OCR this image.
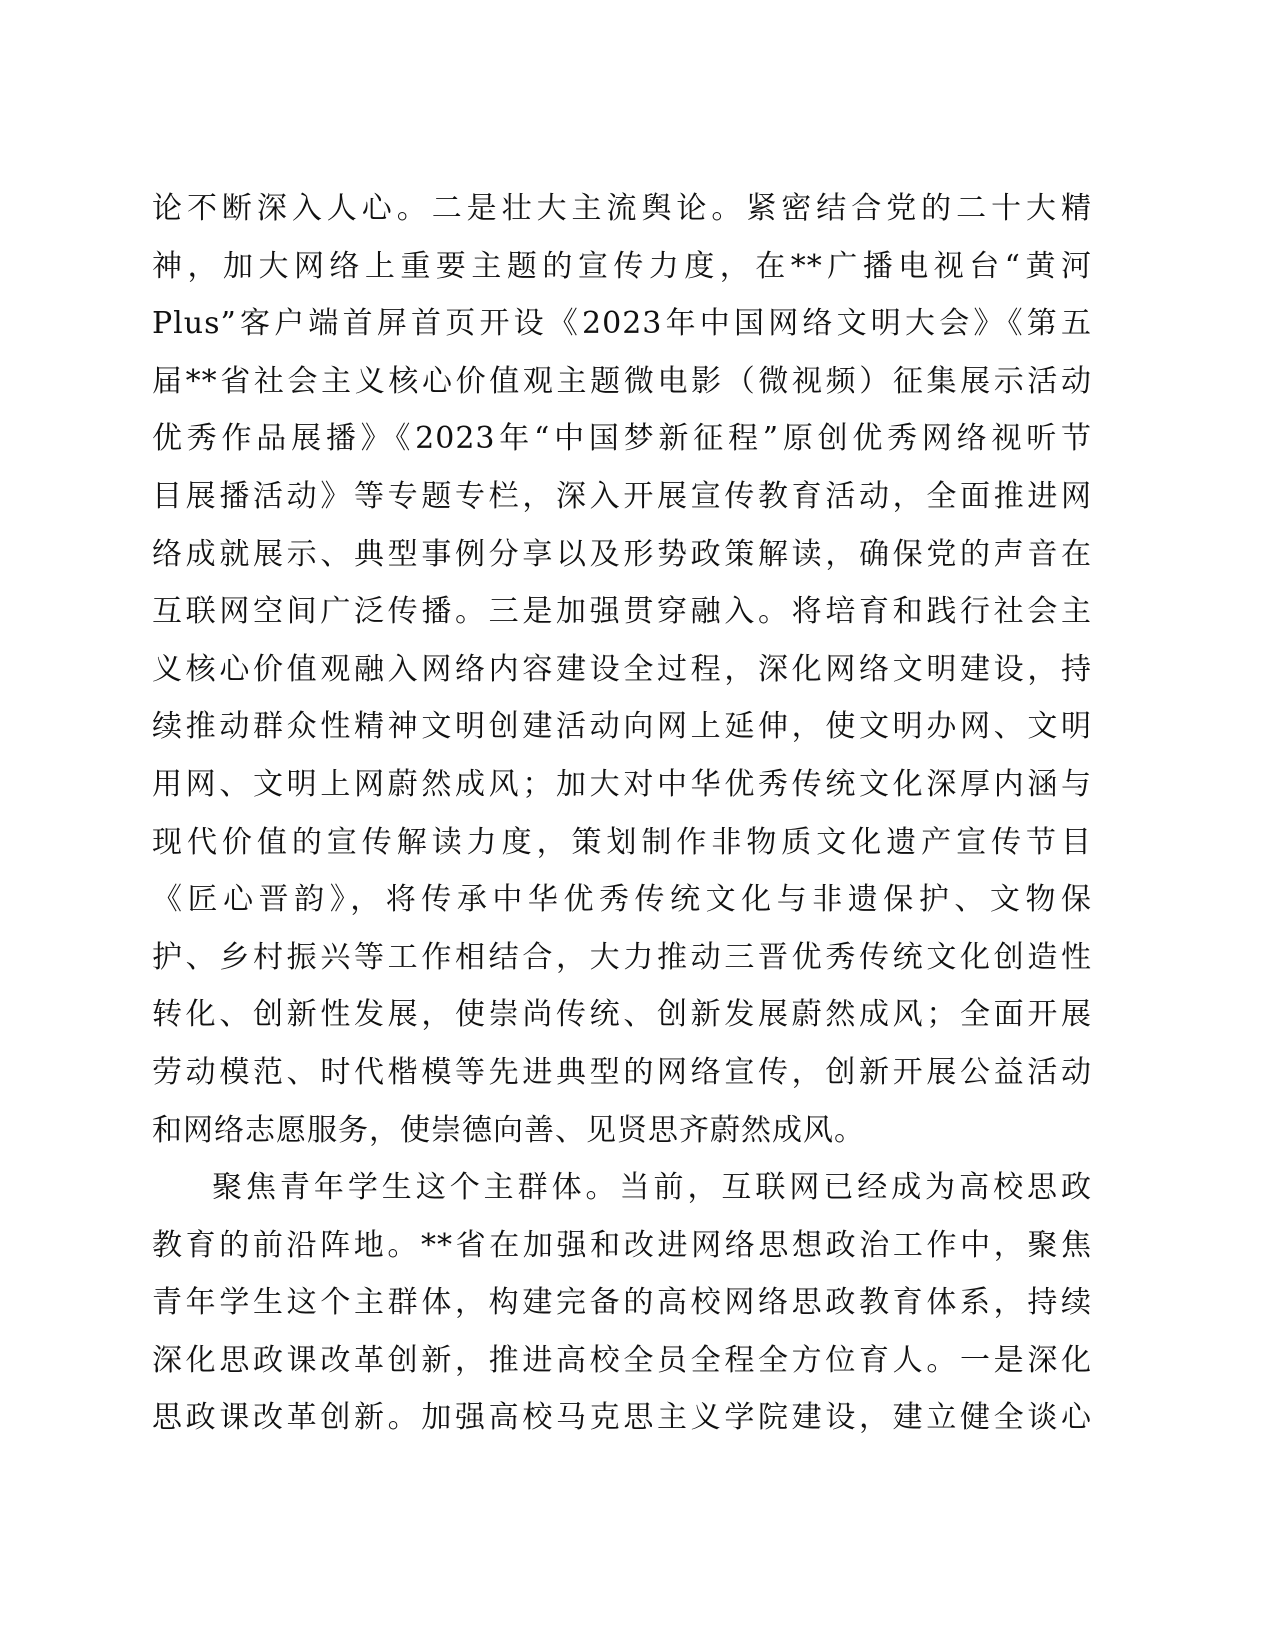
论不断深入人心。二是壮大主流舆论。紧密结合党的二十大精
神，加大网络上重要主题的宣传力度，在**广播电视台“黄河
Plus”客户端首屏首页开设《2023年中国网络文明大会》《第五
届**省社会主义核心价值观主题微电影（微视频）征集展示活动
优秀作品展播》《2023年“中国梦新征程”原创优秀网络视听节
目展播活动》等专题专栏，深入开展宣传教育活动，全面推进网
络成就展示、典型事例分享以及形势政策解读，确保党的声音在
互联网空间广泛传播。三是加强贯穿融入。将培育和践行社会主
义核心价值观融入网络内容建设全过程，深化网络文明建设，持
续推动群众性精神文明创建活动向网上延伸，使文明办网、文明
用网、文明上网蔚然成风；加大对中华优秀传统文化深厚内涵与
现代价值的宣传解读力度，策划制作非物质文化遗产宣传节目
《匠心晋韵》，将传承中华优秀传统文化与非遗保护、文物保
护、乡村振兴等工作相结合，大力推动三晋优秀传统文化创造性
转化、创新性发展，使崇尚传统、创新发展蔚然成风；全面开展
劳动模范、时代楷模等先进典型的网络宣传，创新开展公益活动
和网络志愿服务，使崇德向善、见贤思齐蔚然成风。
聚焦青年学生这个主群体。当前，互联网已经成为高校思政
教育的前沿阵地。**省在加强和改进网络思想政治工作中，聚焦
青年学生这个主群体，构建完备的高校网络思政教育体系，持续
深化思政课改革创新，推进高校全员全程全方位育人。一是深化
思政课改革创新。加强高校马克思主义学院建设，建立健全谈心
